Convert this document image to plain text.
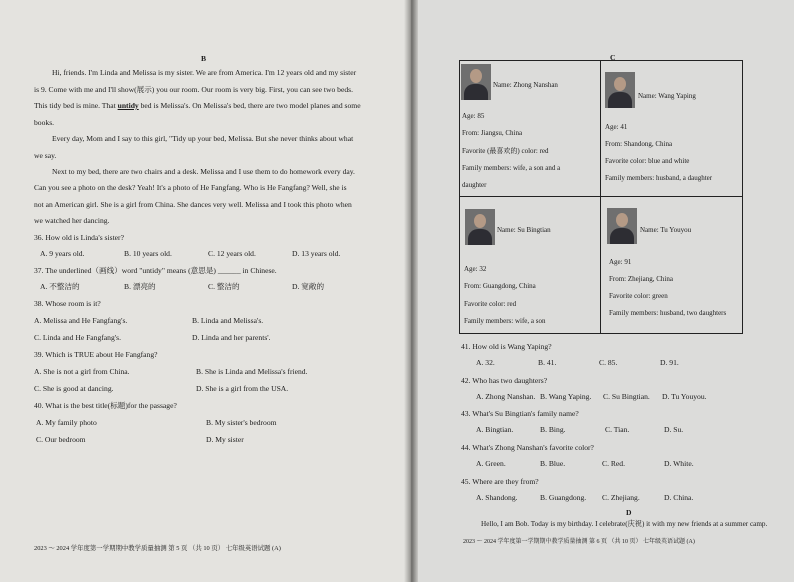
B
Hi, friends. I'm Linda and Melissa is my sister. We are from America. I'm 12 years old and my sister
is 9. Come with me and I'll show(展示) you our room. Our room is very big. First, you can see two beds.
This tidy bed is mine. That untidy bed is Melissa's. On Melissa's bed, there are two model planes and some
books.
Every day, Mom and I say to this girl, "Tidy up your bed, Melissa. But she never thinks about what
we say.
Next to my bed, there are two chairs and a desk. Melissa and I use them to do homework every day.
Can you see a photo on the desk? Yeah! It's a photo of He Fangfang. Who is He Fangfang? Well, she is
not an American girl. She is a girl from China. She dances very well. Melissa and I took this photo when
we watched her dancing.
36. How old is Linda's sister?
A. 9 years old.	B. 10 years old.	C. 12 years old.	D. 13 years old.
37. The underlined（画线）word "untidy" means (意思是) ______ in Chinese.
A. 不整洁的	B. 漂亮的	C. 整洁的	D. 宽敞的
38. Whose room is it?
A. Melissa and He Fangfang's.	B. Linda and Melissa's.
C. Linda and He Fangfang's.	D. Linda and her parents'.
39. Which is TRUE about He Fangfang?
A. She is not a girl from China.	B. She is Linda and Melissa's friend.
C. She is good at dancing.	D. She is a girl from the USA.
40. What is the best title(标题)for the passage?
A. My family photo	B. My sister's bedroom
C. Our bedroom	D. My sister
2023 ～ 2024 学年度第一学期期中教学质量抽测 第 5 页 （共 10 页） 七年级英语试题 (A)
C
Name: Zhong Nanshan
Age: 85
From: Jiangsu, China
Favorite (最喜欢的) color: red
Family members: wife, a son and a
daughter
Name: Wang Yaping
Age: 41
From: Shandong, China
Favorite color: blue and white
Family members: husband, a daughter
Name: Su Bingtian
Age: 32
From: Guangdong, China
Favorite color: red
Family members: wife, a son
Name: Tu Youyou
Age: 91
From: Zhejiang, China
Favorite color: green
Family members: husband, two daughters
41. How old is Wang Yaping?
A. 32.	B. 41.	C. 85.	D. 91.
42. Who has two daughters?
A. Zhong Nanshan. B. Wang Yaping. C. Su Bingtian. D. Tu Youyou.
43. What's Su Bingtian's family name?
A. Bingtian.	B. Bing.	C. Tian.	D. Su.
44. What's Zhong Nanshan's favorite color?
A. Green.	B. Blue.	C. Red.	D. White.
45. Where are they from?
A. Shandong.	B. Guangdong. C. Zhejiang.	D. China.
D
Hello, I am Bob. Today is my birthday. I celebrate(庆祝) it with my new friends at a summer camp.
2023 ～ 2024 学年度第一学期期中教学质量抽测 第 6 页 （共 10 页） 七年级英语试题 (A)
